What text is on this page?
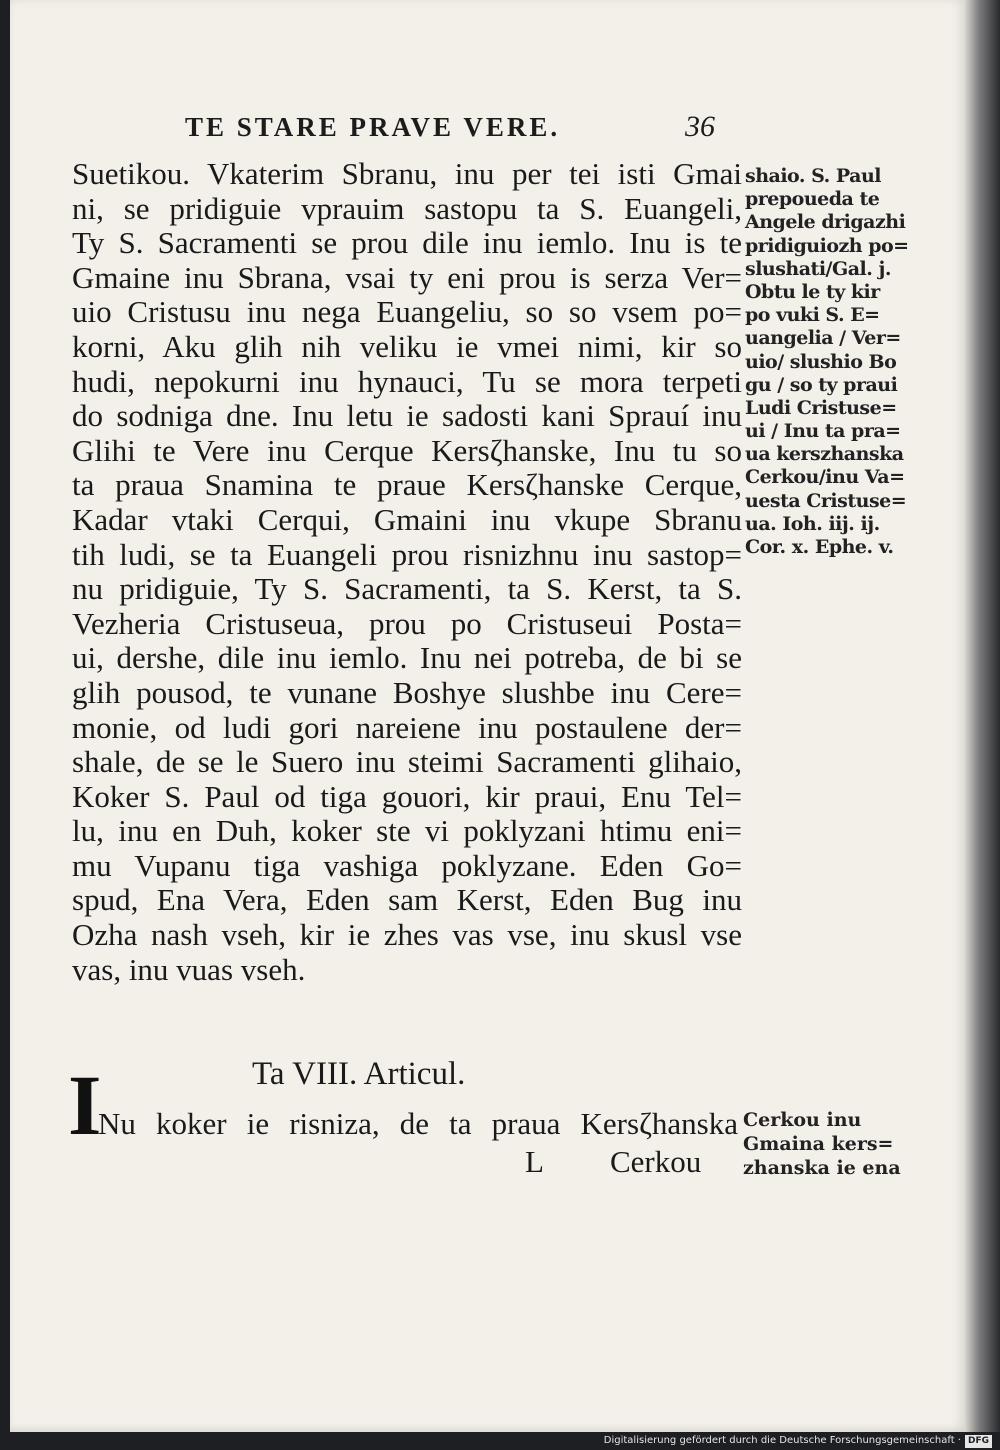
TE STARE PRAVE VERE.	36
Suetikou. Vkaterim Sbranu, inu per tei isti Gmai
ni, se pridiguie vprauim sastopu ta S. Euangeli,
Ty S. Sacramenti se prou dile inu iemlo. Inu is te
Gmaine inu Sbrana, vsai ty eni prou is serza Ver=
uio Cristusu inu nega Euangeliu, so so vsem po=
korni, Aku glih nih veliku ie vmei nimi, kir so
hudi, nepokurni inu hynauci, Tu se mora terpeti
do sodniga dne. Inu letu ie sadosti kani Sprauí inu
Glihi te Vere inu Cerque Kersζhanske, Inu tu so
ta praua Snamina te praue Kersζhanske Cerque,
Kadar vtaki Cerqui, Gmaini inu vkupe Sbranu
tih ludi, se ta Euangeli prou risnizhnu inu sastop=
nu pridiguie, Ty S. Sacramenti, ta S. Kerst, ta S.
Vezheria Cristuseua, prou po Cristuseui Posta=
ui, dershe, dile inu iemlo. Inu nei potreba, de bi se
glih pousod, te vunane Boshye slushbe inu Cere=
monie, od ludi gori nareiene inu postaulene der=
shale, de se le Suero inu steimi Sacramenti glihaio,
Koker S. Paul od tiga gouori, kir praui, Enu Tel=
lu, inu en Duh, koker ste vi poklyzani htimu eni=
mu Vupanu tiga vashiga poklyzane. Eden Go=
spud, Ena Vera, Eden sam Kerst, Eden Bug inu
Ozha nash vseh, kir ie zhes vas vse, inu skusl vse
vas, inu vuas vseh.
shaio. S. Paul
prepoueda te
Angele drigazhi
pridiguiozh po=
slushati/Gal. j.
Obtu le ty kir
po vuki S. E=
uangelia / Ver=
uio/ slushio Bo
gu / so ty praui
Ludi Cristuse=
ui / Inu ta pra=
ua kerszhanska
Cerkou/inu Va=
uesta Cristuse=
ua. Ioh. iij. ij.
Cor. x. Ephe. v.
Ta VIII. Articul.
I
Nu koker ie risniza, de ta praua Kersζhanska
L Cerkou
Cerkou inu
Gmaina kers=
zhanska ie ena
Digitalisierung gefördert durch die Deutsche Forschungsgemeinschaft · DFG
